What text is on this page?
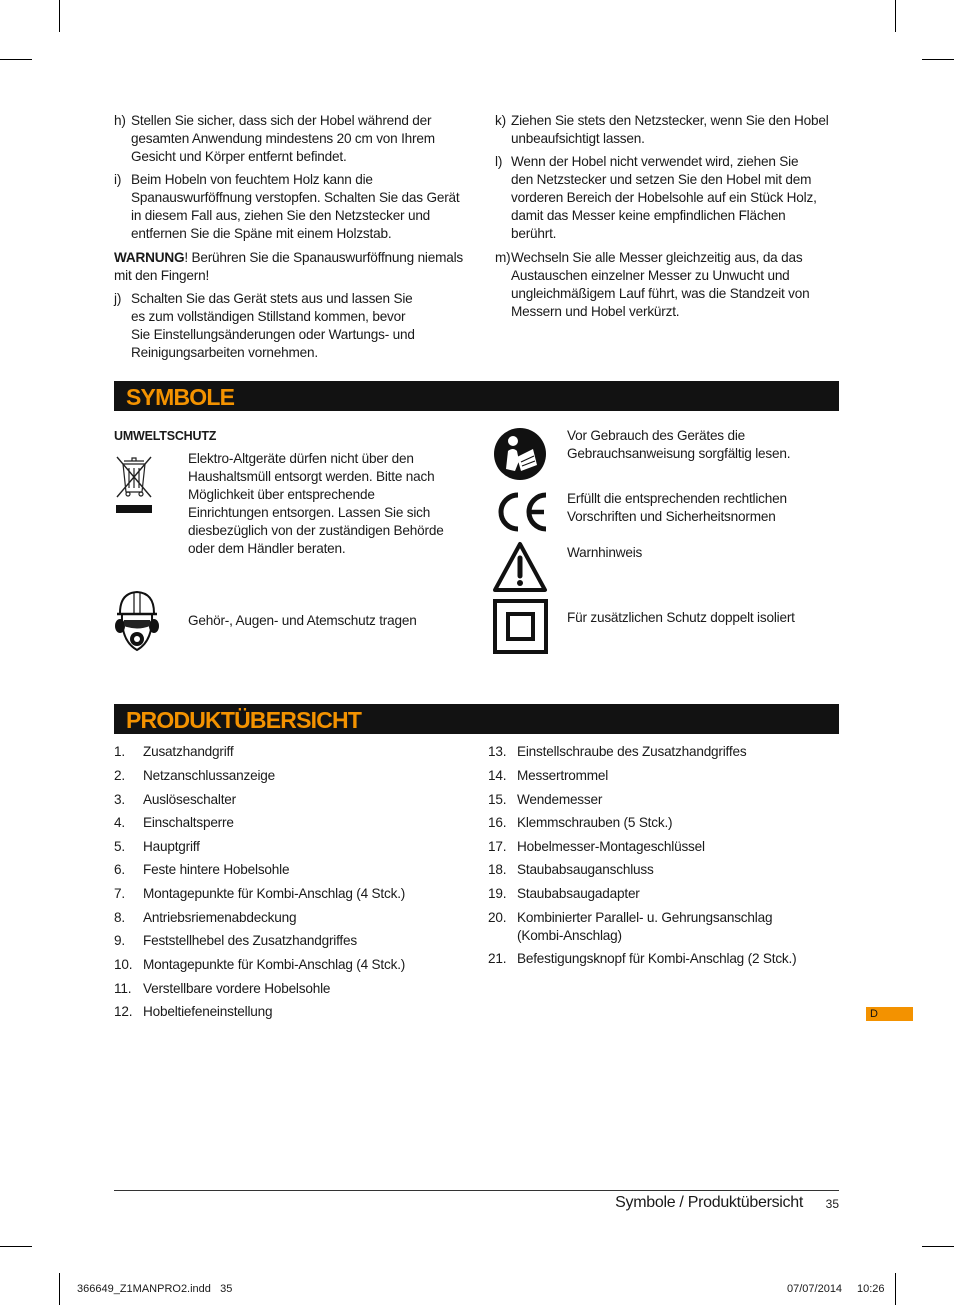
h) Stellen Sie sicher, dass sich der Hobel während der gesamten Anwendung mindestens 20 cm von Ihrem Gesicht und Körper entfernt befindet.
i) Beim Hobeln von feuchtem Holz kann die Spanauswurföffnung verstopfen. Schalten Sie das Gerät in diesem Fall aus, ziehen Sie den Netzstecker und entfernen Sie die Späne mit einem Holzstab.
WARNUNG! Berühren Sie die Spanauswurföffnung niemals mit den Fingern!
j) Schalten Sie das Gerät stets aus und lassen Sie es zum vollständigen Stillstand kommen, bevor Sie Einstellungsänderungen oder Wartungs- und Reinigungsarbeiten vornehmen.
k) Ziehen Sie stets den Netzstecker, wenn Sie den Hobel unbeaufsichtigt lassen.
l) Wenn der Hobel nicht verwendet wird, ziehen Sie den Netzstecker und setzen Sie den Hobel mit dem vorderen Bereich der Hobelsohle auf ein Stück Holz, damit das Messer keine empfindlichen Flächen berührt.
m) Wechseln Sie alle Messer gleichzeitig aus, da das Austauschen einzelner Messer zu Unwucht und ungleichmäßigem Lauf führt, was die Standzeit von Messern und Hobel verkürzt.
SYMBOLE
UMWELTSCHUTZ
Elektro-Altgeräte dürfen nicht über den Haushaltsmüll entsorgt werden. Bitte nach Möglichkeit über entsprechende Einrichtungen entsorgen. Lassen Sie sich diesbezüglich von der zuständigen Behörde oder dem Händler beraten.
Gehör-, Augen- und Atemschutz tragen
Vor Gebrauch des Gerätes die Gebrauchsanweisung sorgfältig lesen.
Erfüllt die entsprechenden rechtlichen Vorschriften und Sicherheitsnormen
Warnhinweis
Für zusätzlichen Schutz doppelt isoliert
PRODUKTÜBERSICHT
1. Zusatzhandgriff
2. Netzanschlussanzeige
3. Auslöseschalter
4. Einschaltsperre
5. Hauptgriff
6. Feste hintere Hobelsohle
7. Montagepunkte für Kombi-Anschlag (4 Stck.)
8. Antriebsriemenabdeckung
9. Feststellhebel des Zusatzhandgriffes
10. Montagepunkte für Kombi-Anschlag (4 Stck.)
11. Verstellbare vordere Hobelsohle
12. Hobeltiefeneinstellung
13. Einstellschraube des Zusatzhandgriffes
14. Messertrommel
15. Wendemesser
16. Klemmschrauben (5 Stck.)
17. Hobelmesser-Montageschlüssel
18. Staubabsauganschluss
19. Staubabsaugadapter
20. Kombinierter Parallel- u. Gehrungsanschlag (Kombi-Anschlag)
21. Befestigungsknopf für Kombi-Anschlag (2 Stck.)
D
Symbole / Produktübersicht	35
366649_Z1MANPRO2.indd   35	07/07/2014 10:26
